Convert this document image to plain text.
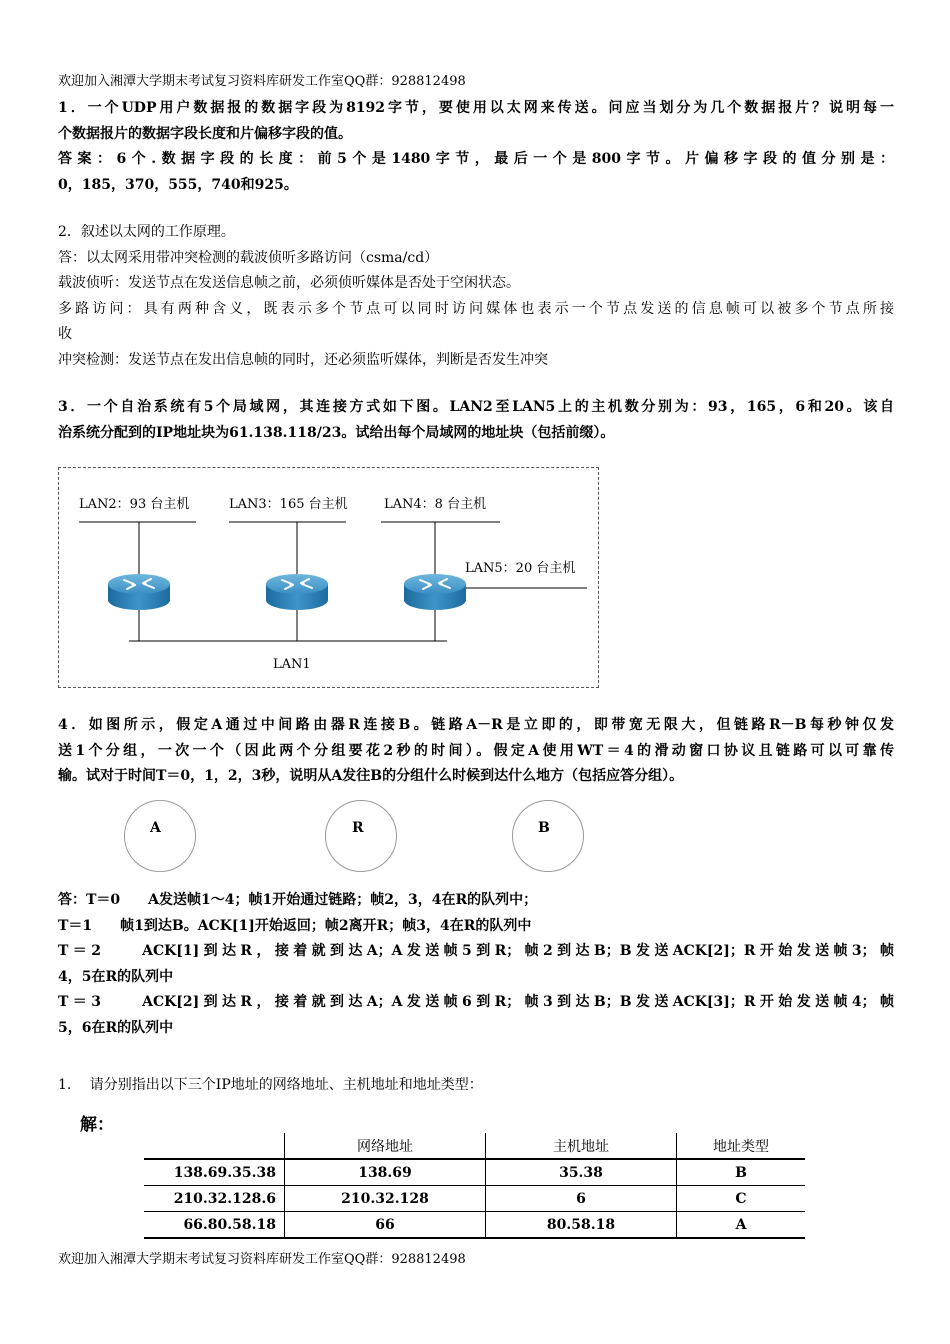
欢迎加入湘潭大学期末考试复习资料库研发工作室QQ群：928812498
1．一个UDP用户数据报的数据字段为8192字节，要使用以太网来传送。问应当划分为几个数据报片？说明每一
个数据报片的数据字段长度和片偏移字段的值。
答案：6个.数据字段的长度：前5个是1480字节，最后一个是800字节。片偏移字段的值分别是：
0，185，370，555，740和925。
2．叙述以太网的工作原理。
答：以太网采用带冲突检测的载波侦听多路访问（csma/cd）
载波侦听：发送节点在发送信息帧之前，必须侦听媒体是否处于空闲状态。
多路访问：具有两种含义，既表示多个节点可以同时访问媒体也表示一个节点发送的信息帧可以被多个节点所接
收
冲突检测：发送节点在发出信息帧的同时，还必须监听媒体，判断是否发生冲突
3．一个自治系统有5个局域网，其连接方式如下图。LAN2至LAN5上的主机数分别为：93，165，6和20。该自
治系统分配到的IP地址块为61.138.118/23。试给出每个局域网的地址块（包括前缀）。
LAN2：93 台主机	LAN3：165 台主机	LAN4：8 台主机
LAN5：20 台主机
LAN1
4．如图所示，假定A通过中间路由器R连接B。链路A－R是立即的，即带宽无限大，但链路R－B每秒钟仅发
送1个分组，一次一个（因此两个分组要花2秒的时间）。假定A使用WT＝4的滑动窗口协议且链路可以可靠传
输。试对于时间T＝0，1，2，3秒，说明从A发往B的分组什么时候到达什么地方（包括应答分组）。
A	R	B
答：T＝0　　A发送帧1～4；帧1开始通过链路；帧2，3，4在R的队列中；
T＝1　　帧1到达B。ACK[1]开始返回；帧2离开R；帧3，4在R的队列中
T＝2　　ACK[1]到达R，接着就到达A；A发送帧5到R；帧2到达B；B发送ACK[2]；R开始发送帧3；帧
4，5在R的队列中
T＝3　　ACK[2]到达R，接着就到达A；A发送帧6到R；帧3到达B；B发送ACK[3]；R开始发送帧4；帧
5，6在R的队列中
1.　 请分别指出以下三个IP地址的网络地址、主机地址和地址类型：
解：
	网络地址	主机地址	地址类型
138.69.35.38	138.69	35.38	B
210.32.128.6	210.32.128	6	C
66.80.58.18	66	80.58.18	A
欢迎加入湘潭大学期末考试复习资料库研发工作室QQ群：928812498
